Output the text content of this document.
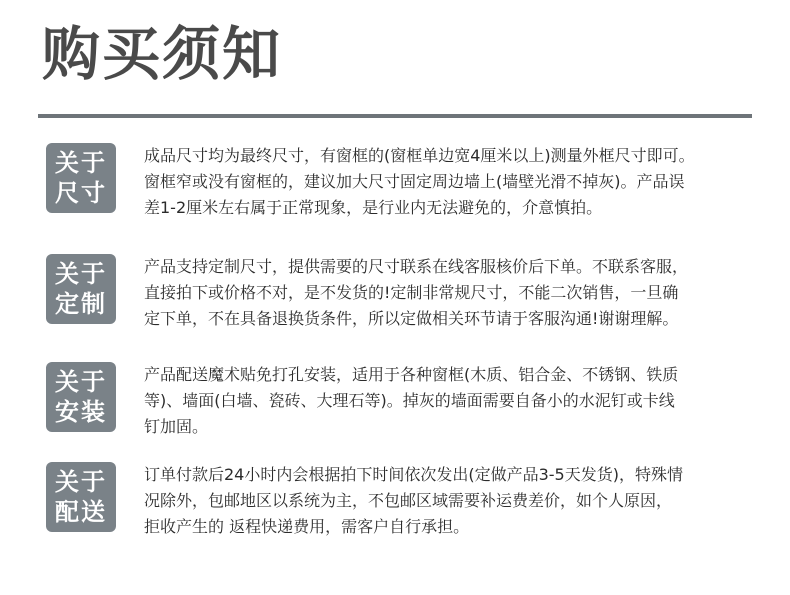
购买须知
关于
尺寸
成品尺寸均为最终尺寸，有窗框的(窗框单边宽4厘米以上)测量外框尺寸即可。
窗框窄或没有窗框的，建议加大尺寸固定周边墙上(墙壁光滑不掉灰)。产品误
差1-2厘米左右属于正常现象，是行业内无法避免的，介意慎拍。
关于
定制
产品支持定制尺寸，提供需要的尺寸联系在线客服核价后下单。不联系客服，
直接拍下或价格不对，是不发货的!定制非常规尺寸，不能二次销售，一旦确
定下单，不在具备退换货条件，所以定做相关环节请于客服沟通!谢谢理解。
关于
安装
产品配送魔术贴免打孔安装，适用于各种窗框(木质、铝合金、不锈钢、铁质
等)、墙面(白墙、瓷砖、大理石等)。掉灰的墙面需要自备小的水泥钉或卡线
钉加固。
关于
配送
订单付款后24小时内会根据拍下时间依次发出(定做产品3-5天发货)，特殊情
况除外，包邮地区以系统为主，不包邮区域需要补运费差价，如个人原因，
拒收产生的 返程快递费用，需客户自行承担。
